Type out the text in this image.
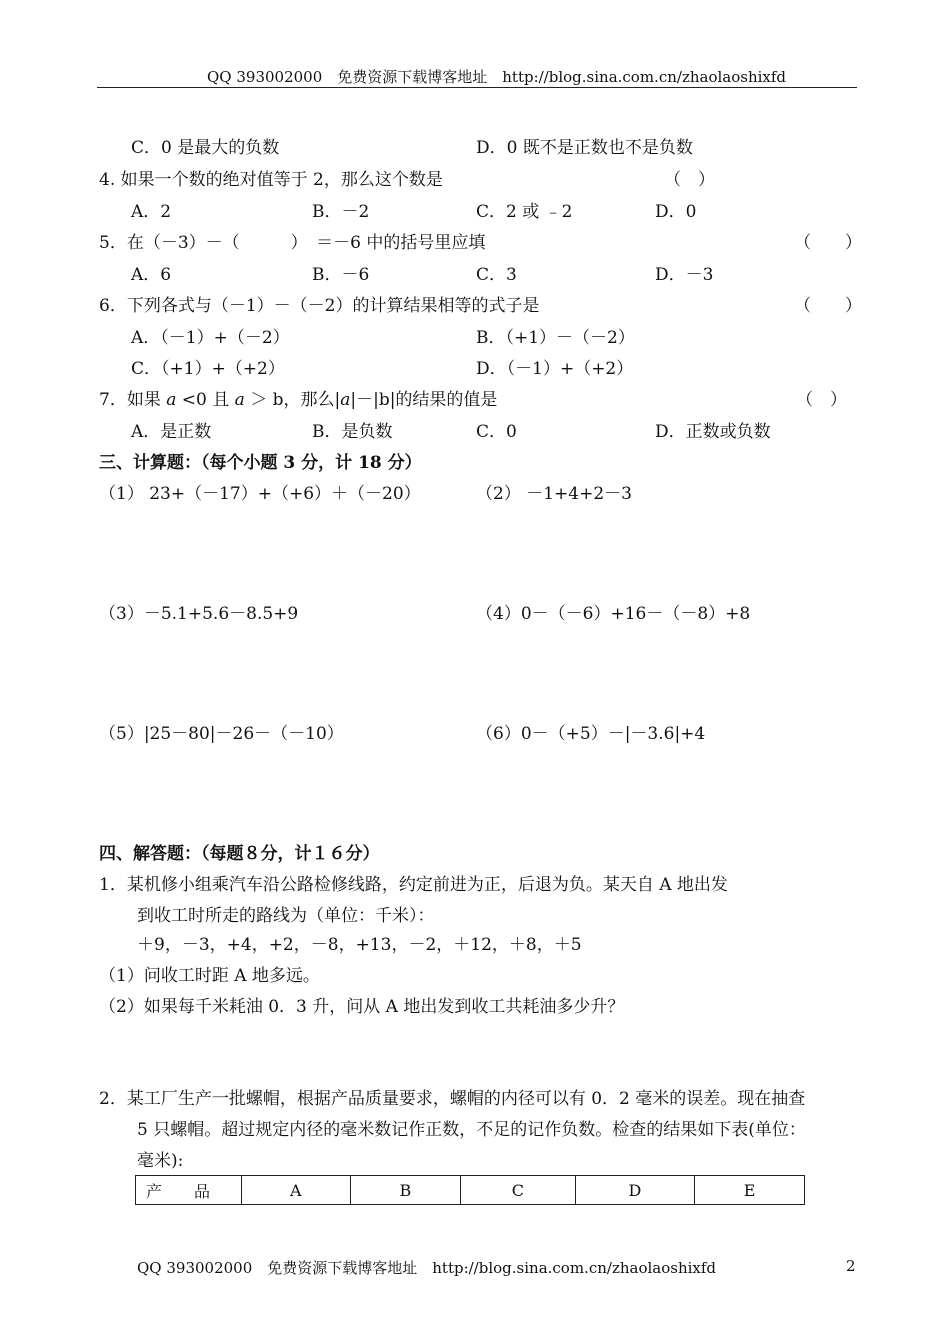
QQ 393002000　免费资源下载博客地址　http://blog.sina.com.cn/zhaolaoshixfd
C．0 是最大的负数	D．0 既不是正数也不是负数
4. 如果一个数的绝对值等于 2，那么这个数是	（　）
A．2	B．－2	C．2 或 ﹣2	D．0
5．在（－3）－（　　　）　＝－6 中的括号里应填	（　　）
A．6	B．－6	C．3	D．－3
6．下列各式与（－1）－（－2）的计算结果相等的式子是	（　　）
A．（－1）+（－2）	B．（+1）－（－2）
C．（+1）+（+2）	D．（－1）+（+2）
7．如果 a <0 且 a ＞ b，那么|a|－|b|的结果的值是	（　）
A．是正数	B．是负数	C．0	D．正数或负数
三、计算题：（每个小题 3 分，计 18 分）
（1） 23+（－17）+（+6）＋（－20）	（2） －1+4+2－3
（3）－5.1+5.6－8.5+9	（4）0－（－6）+16－（－8）+8
（5）|25－80|－26－（－10）	（6）0－（+5）－|－3.6|+4
四、解答题：（每题８分，计１６分）
1．某机修小组乘汽车沿公路检修线路，约定前进为正，后退为负。某天自 A 地出发
到收工时所走的路线为（单位：千米）：
＋9，－3，+4，+2，－8，+13，－2，＋12，＋8，＋5
（1）问收工时距 A 地多远。
（2）如果每千米耗油 0．3 升，问从 A 地出发到收工共耗油多少升？
2．某工厂生产一批螺帽，根据产品质量要求，螺帽的内径可以有 0．2 毫米的误差。现在抽查
5 只螺帽。超过规定内径的毫米数记作正数，不足的记作负数。检查的结果如下表(单位：
毫米):
产　　品	A	B	C	D	E
QQ 393002000　免费资源下载博客地址　http://blog.sina.com.cn/zhaolaoshixfd	2
